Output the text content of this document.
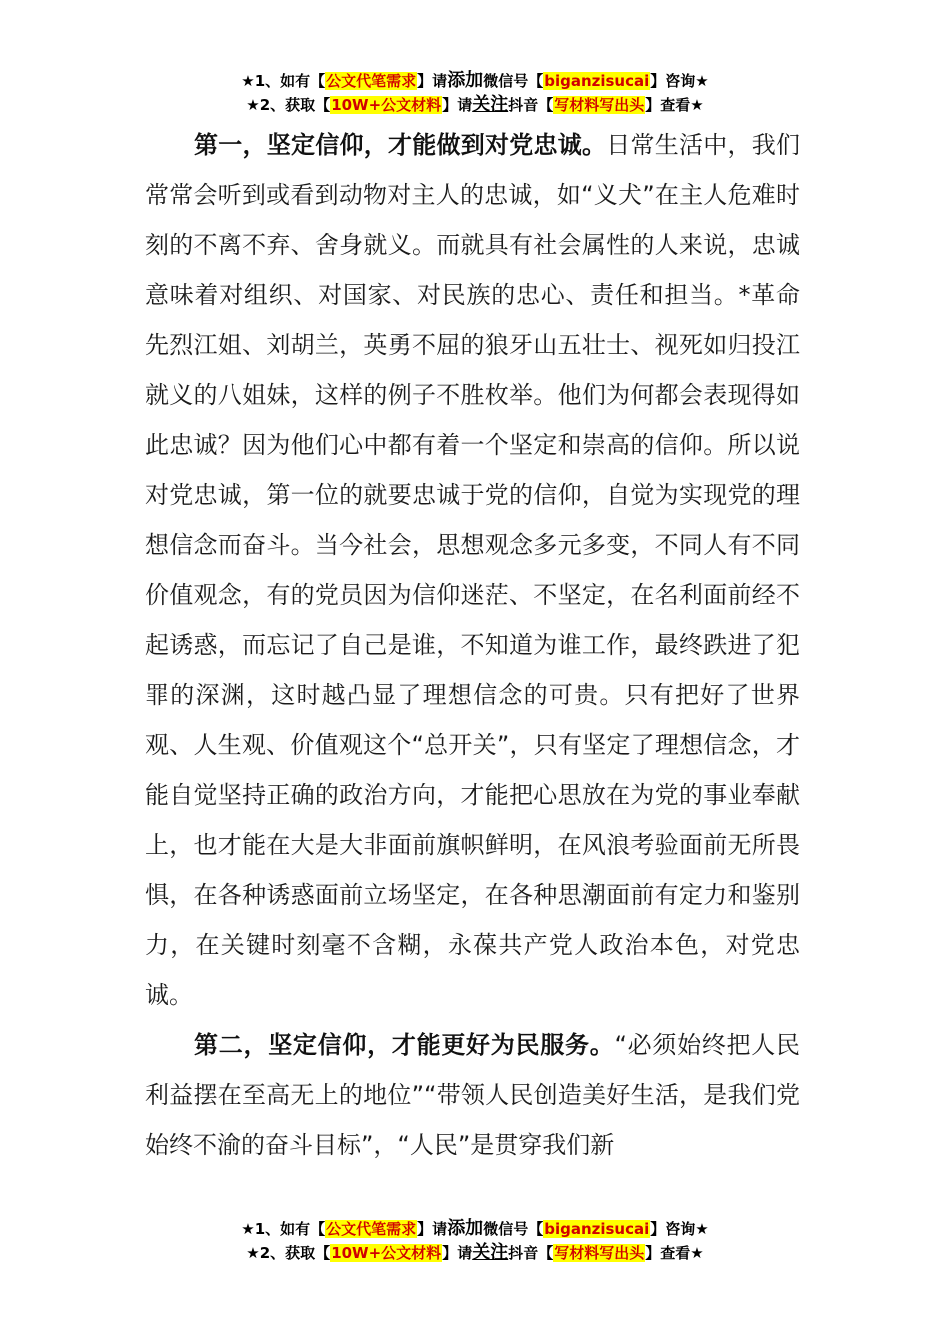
★1、如有【公文代笔需求】请添加微信号【biganzisucai】咨询★
★2、获取【10W+公文材料】请关注抖音【写材料写出头】查看★

第一，坚定信仰，才能做到对党忠诚。日常生活中，我们常常会听到或看到动物对主人的忠诚，如“义犬”在主人危难时刻的不离不弃、舍身就义。而就具有社会属性的人来说，忠诚意味着对组织、对国家、对民族的忠心、责任和担当。*革命先烈江姐、刘胡兰，英勇不屈的狼牙山五壮士、视死如归投江就义的八姐妹，这样的例子不胜枚举。他们为何都会表现得如此忠诚？因为他们心中都有着一个坚定和崇高的信仰。所以说对党忠诚，第一位的就要忠诚于党的信仰，自觉为实现党的理想信念而奋斗。当今社会，思想观念多元多变，不同人有不同价值观念，有的党员因为信仰迷茫、不坚定，在名利面前经不起诱惑，而忘记了自己是谁，不知道为谁工作，最终跌进了犯罪的深渊，这时越凸显了理想信念的可贵。只有把好了世界观、人生观、价值观这个“总开关”，只有坚定了理想信念，才能自觉坚持正确的政治方向，才能把心思放在为党的事业奉献上，也才能在大是大非面前旗帜鲜明，在风浪考验面前无所畏惧，在各种诱惑面前立场坚定，在各种思潮面前有定力和鉴别力，在关键时刻毫不含糊，永葆共产党人政治本色，对党忠诚。

第二，坚定信仰，才能更好为民服务。“必须始终把人民利益摆在至高无上的地位”“带领人民创造美好生活，是我们党始终不渝的奋斗目标”，“人民”是贯穿我们新

★1、如有【公文代笔需求】请添加微信号【biganzisucai】咨询★
★2、获取【10W+公文材料】请关注抖音【写材料写出头】查看★
